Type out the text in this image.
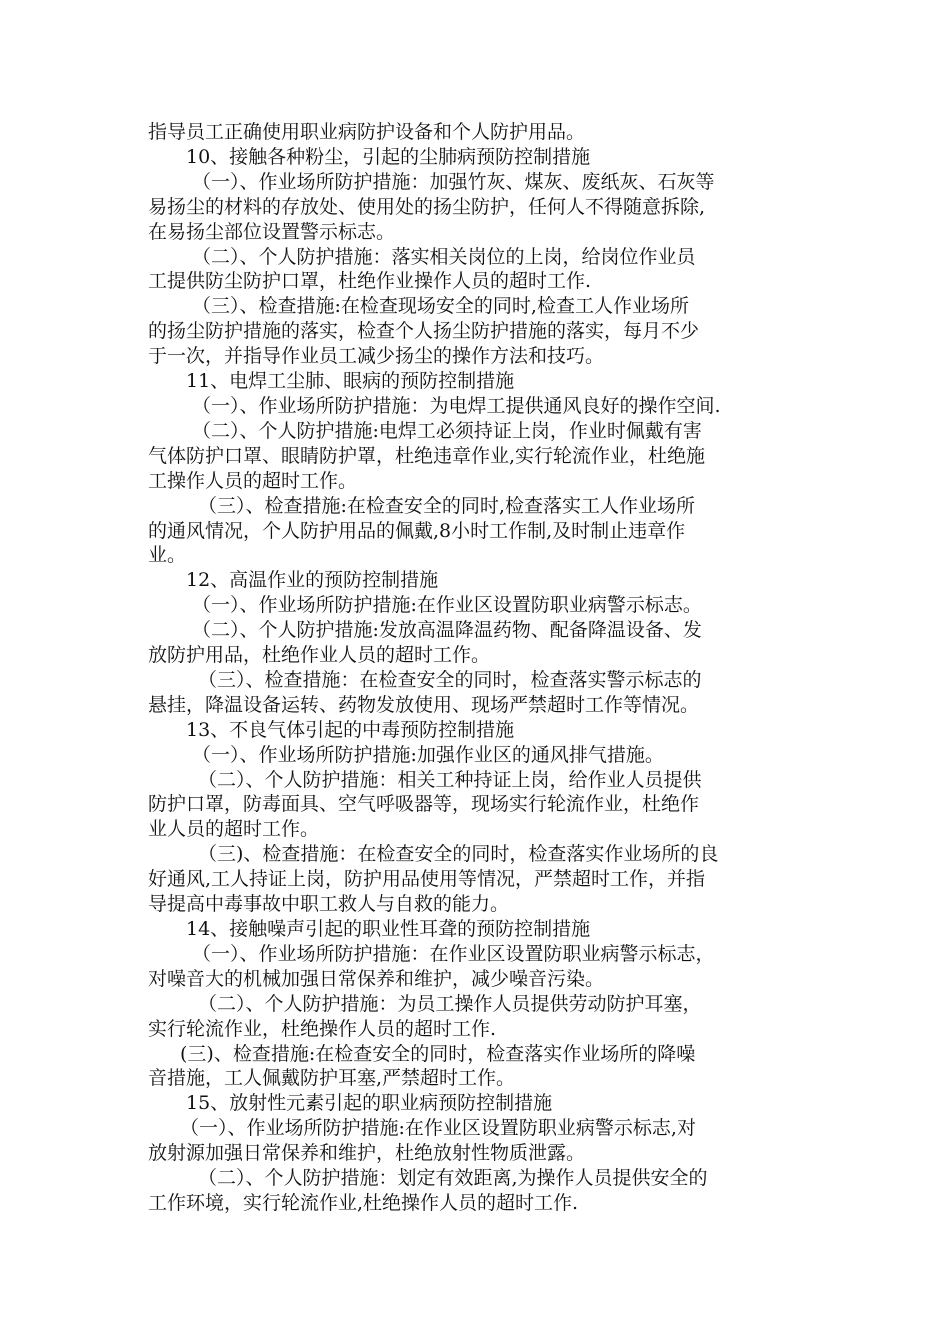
指导员工正确使用职业病防护设备和个人防护用品。
10、接触各种粉尘，引起的尘肺病预防控制措施
（一）、作业场所防护措施：加强竹灰、煤灰、废纸灰、石灰等
易扬尘的材料的存放处、使用处的扬尘防护，任何人不得随意拆除,
在易扬尘部位设置警示标志。
（二）、个人防护措施：落实相关岗位的上岗，给岗位作业员
工提供防尘防护口罩，杜绝作业操作人员的超时工作.
（三）、检查措施:在检查现场安全的同时,检查工人作业场所
的扬尘防护措施的落实，检查个人扬尘防护措施的落实，每月不少
于一次，并指导作业员工减少扬尘的操作方法和技巧。
11、电焊工尘肺、眼病的预防控制措施
（一）、作业场所防护措施：为电焊工提供通风良好的操作空间.
（二）、个人防护措施:电焊工必须持证上岗，作业时佩戴有害
气体防护口罩、眼睛防护罩，杜绝违章作业,实行轮流作业，杜绝施
工操作人员的超时工作。
（三）、检查措施:在检查安全的同时,检查落实工人作业场所
的通风情况，个人防护用品的佩戴,8小时工作制,及时制止违章作
业。
12、高温作业的预防控制措施
（一）、作业场所防护措施:在作业区设置防职业病警示标志。
（二）、个人防护措施:发放高温降温药物、配备降温设备、发
放防护用品，杜绝作业人员的超时工作。
（三）、检查措施：在检查安全的同时，检查落实警示标志的
悬挂，降温设备运转、药物发放使用、现场严禁超时工作等情况。
13、不良气体引起的中毒预防控制措施
（一）、作业场所防护措施:加强作业区的通风排气措施。
（二）、个人防护措施：相关工种持证上岗，给作业人员提供
防护口罩，防毒面具、空气呼吸器等，现场实行轮流作业，杜绝作
业人员的超时工作。
（三)、检查措施：在检查安全的同时，检查落实作业场所的良
好通风,工人持证上岗，防护用品使用等情况，严禁超时工作，并指
导提高中毒事故中职工救人与自救的能力。
14、接触噪声引起的职业性耳聋的预防控制措施
（一）、作业场所防护措施：在作业区设置防职业病警示标志，
对噪音大的机械加强日常保养和维护，减少噪音污染。
（二）、个人防护措施：为员工操作人员提供劳动防护耳塞，
实行轮流作业，杜绝操作人员的超时工作.
(三)、检查措施:在检查安全的同时，检查落实作业场所的降噪
音措施，工人佩戴防护耳塞,严禁超时工作。
15、放射性元素引起的职业病预防控制措施
（一）、作业场所防护措施:在作业区设置防职业病警示标志,对
放射源加强日常保养和维护，杜绝放射性物质泄露。
（二）、个人防护措施：划定有效距离,为操作人员提供安全的
工作环境，实行轮流作业,杜绝操作人员的超时工作.
